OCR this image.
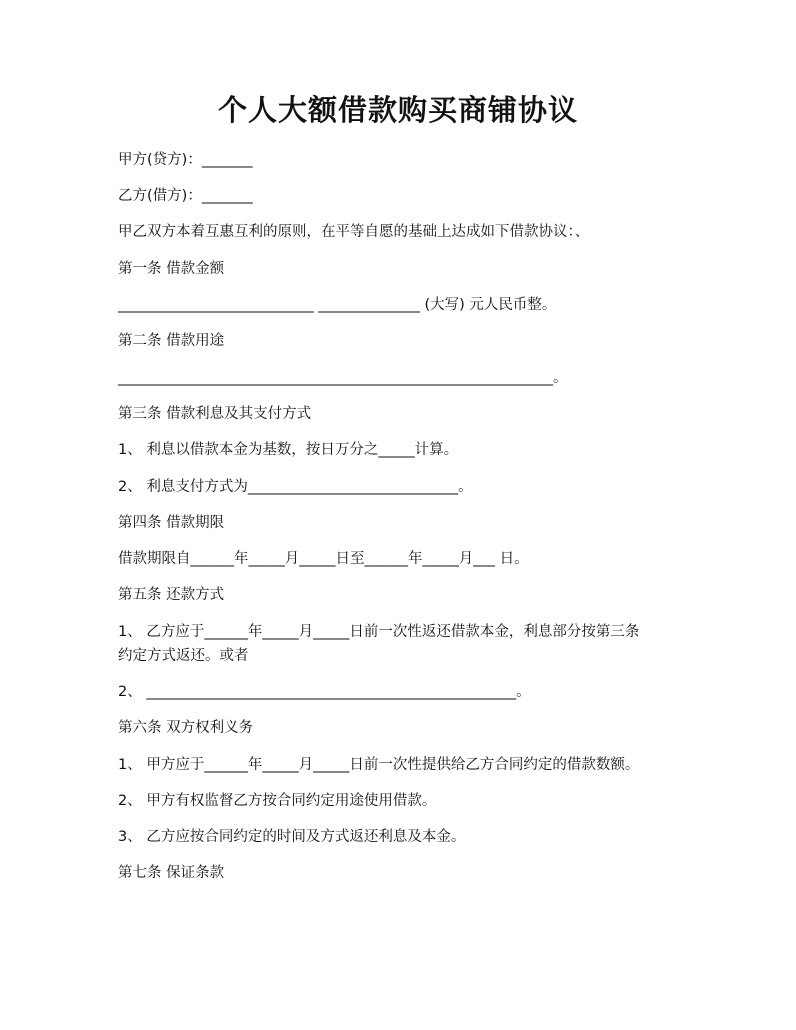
个人大额借款购买商铺协议
甲方(贷方)：_______
乙方(借方)：_______
甲乙双方本着互惠互利的原则，在平等自愿的基础上达成如下借款协议：、
第一条 借款金额
___________________________ ______________ (大写) 元人民币整。
第二条 借款用途
____________________________________________________________。
第三条 借款利息及其支付方式
1、 利息以借款本金为基数，按日万分之_____计算。
2、 利息支付方式为_____________________________。
第四条 借款期限
借款期限自______年_____月_____日至______年_____月___ 日。
第五条 还款方式
1、 乙方应于______年_____月_____日前一次性返还借款本金，利息部分按第三条
约定方式返还。或者
2、 ___________________________________________________。
第六条 双方权利义务
1、 甲方应于______年_____月_____日前一次性提供给乙方合同约定的借款数额。
2、 甲方有权监督乙方按合同约定用途使用借款。
3、 乙方应按合同约定的时间及方式返还利息及本金。
第七条 保证条款
